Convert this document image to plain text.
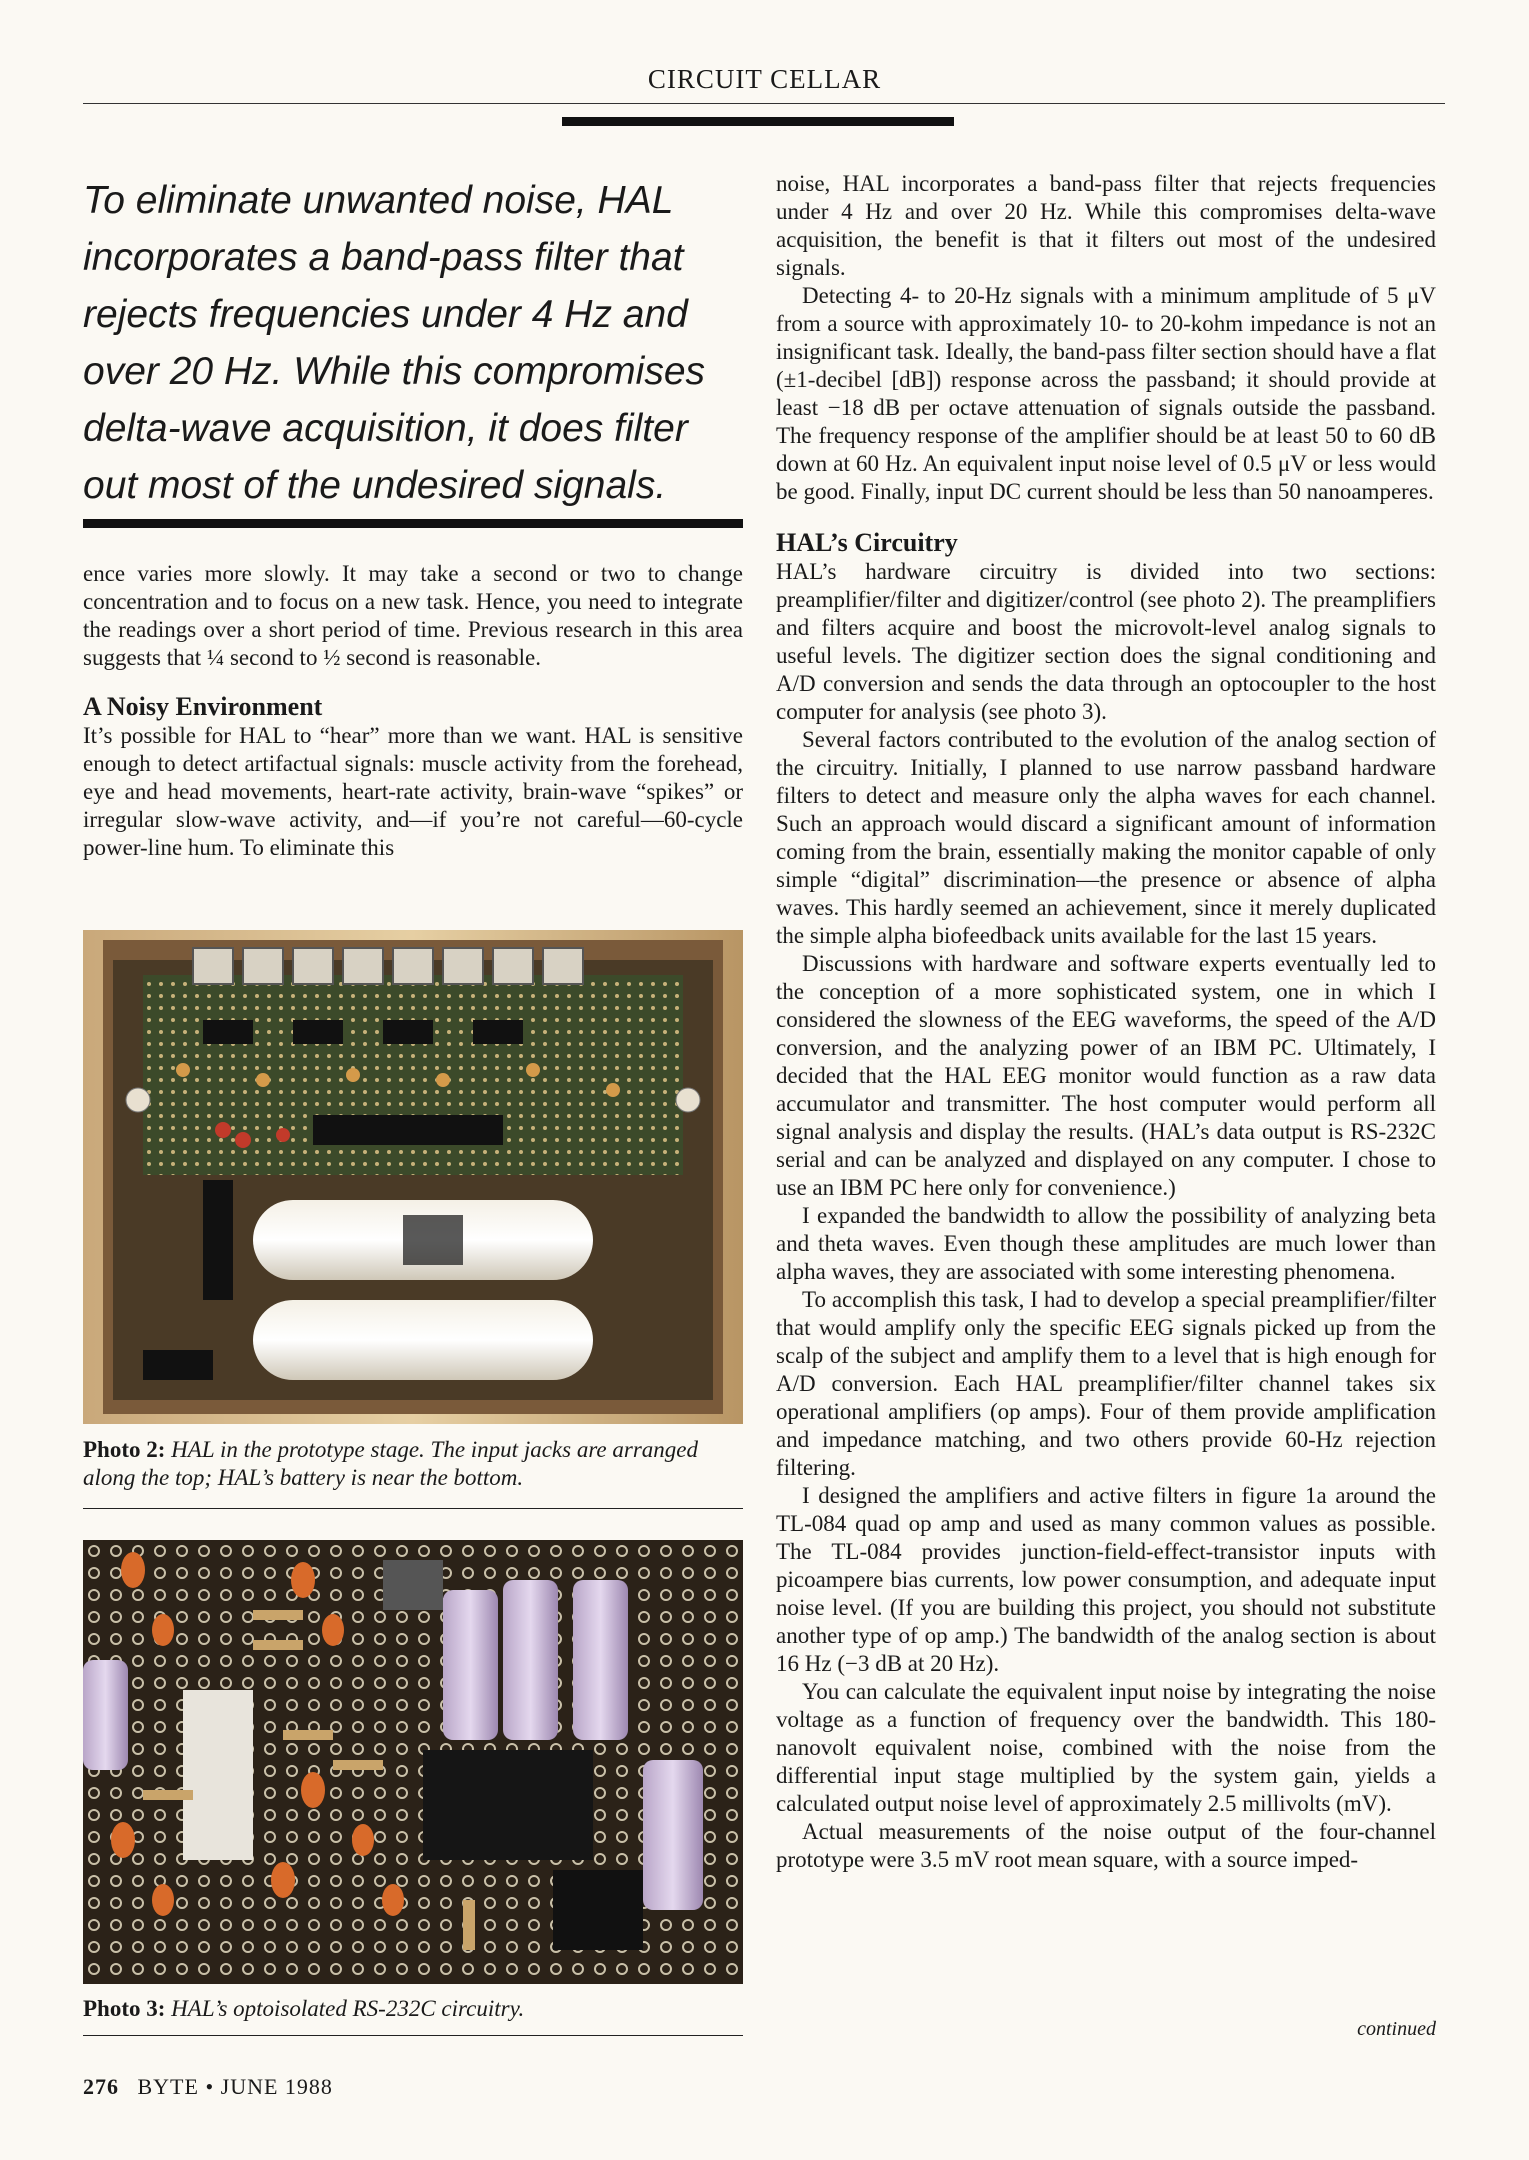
CIRCUIT CELLAR
To eliminate unwanted noise, HAL incorporates a band-pass filter that rejects frequencies under 4 Hz and over 20 Hz. While this compromises delta-wave acquisition, it does filter out most of the undesired signals.

ence varies more slowly. It may take a second or two to change concentration and to focus on a new task. Hence, you need to integrate the readings over a short period of time. Previous research in this area suggests that ¼ second to ½ second is reasonable.

A Noisy Environment

It’s possible for HAL to “hear” more than we want. HAL is sensitive enough to detect artifactual signals: muscle activity from the forehead, eye and head movements, heart-rate activity, brain-wave “spikes” or irregular slow-wave activity, and—if you’re not careful—60-cycle power-line hum. To eliminate this

Photo 2: HAL in the prototype stage. The input jacks are arranged along the top; HAL’s battery is near the bottom.
Photo 3: HAL’s optoisolated RS-232C circuitry.

noise, HAL incorporates a band-pass filter that rejects frequencies under 4 Hz and over 20 Hz. While this compromises delta-wave acquisition, the benefit is that it filters out most of the undesired signals.

Detecting 4- to 20-Hz signals with a minimum amplitude of 5 μV from a source with approximately 10- to 20-kohm impedance is not an insignificant task. Ideally, the band-pass filter section should have a flat (±1-decibel [dB]) response across the passband; it should provide at least −18 dB per octave attenuation of signals outside the passband. The frequency response of the amplifier should be at least 50 to 60 dB down at 60 Hz. An equivalent input noise level of 0.5 μV or less would be good. Finally, input DC current should be less than 50 nanoamperes.

HAL’s Circuitry

HAL’s hardware circuitry is divided into two sections: preamplifier/filter and digitizer/control (see photo 2). The preamplifiers and filters acquire and boost the microvolt-level analog signals to useful levels. The digitizer section does the signal conditioning and A/D conversion and sends the data through an optocoupler to the host computer for analysis (see photo 3).

Several factors contributed to the evolution of the analog section of the circuitry. Initially, I planned to use narrow passband hardware filters to detect and measure only the alpha waves for each channel. Such an approach would discard a significant amount of information coming from the brain, essentially making the monitor capable of only simple “digital” discrimination—the presence or absence of alpha waves. This hardly seemed an achievement, since it merely duplicated the simple alpha biofeedback units available for the last 15 years.

Discussions with hardware and software experts eventually led to the conception of a more sophisticated system, one in which I considered the slowness of the EEG waveforms, the speed of the A/D conversion, and the analyzing power of an IBM PC. Ultimately, I decided that the HAL EEG monitor would function as a raw data accumulator and transmitter. The host computer would perform all signal analysis and display the results. (HAL’s data output is RS-232C serial and can be analyzed and displayed on any computer. I chose to use an IBM PC here only for convenience.)

I expanded the bandwidth to allow the possibility of analyzing beta and theta waves. Even though these amplitudes are much lower than alpha waves, they are associated with some interesting phenomena.

To accomplish this task, I had to develop a special preamplifier/filter that would amplify only the specific EEG signals picked up from the scalp of the subject and amplify them to a level that is high enough for A/D conversion. Each HAL preamplifier/filter channel takes six operational amplifiers (op amps). Four of them provide amplification and impedance matching, and two others provide 60-Hz rejection filtering.

I designed the amplifiers and active filters in figure 1a around the TL-084 quad op amp and used as many common values as possible. The TL-084 provides junction-field-effect-transistor inputs with picoampere bias currents, low power consumption, and adequate input noise level. (If you are building this project, you should not substitute another type of op amp.) The bandwidth of the analog section is about 16 Hz (−3 dB at 20 Hz).

You can calculate the equivalent input noise by integrating the noise voltage as a function of frequency over the bandwidth. This 180-nanovolt equivalent noise, combined with the noise from the differential input stage multiplied by the system gain, yields a calculated output noise level of approximately 2.5 millivolts (mV).

Actual measurements of the noise output of the four-channel prototype were 3.5 mV root mean square, with a source imped-

continued
276 BYTE • JUNE 1988
